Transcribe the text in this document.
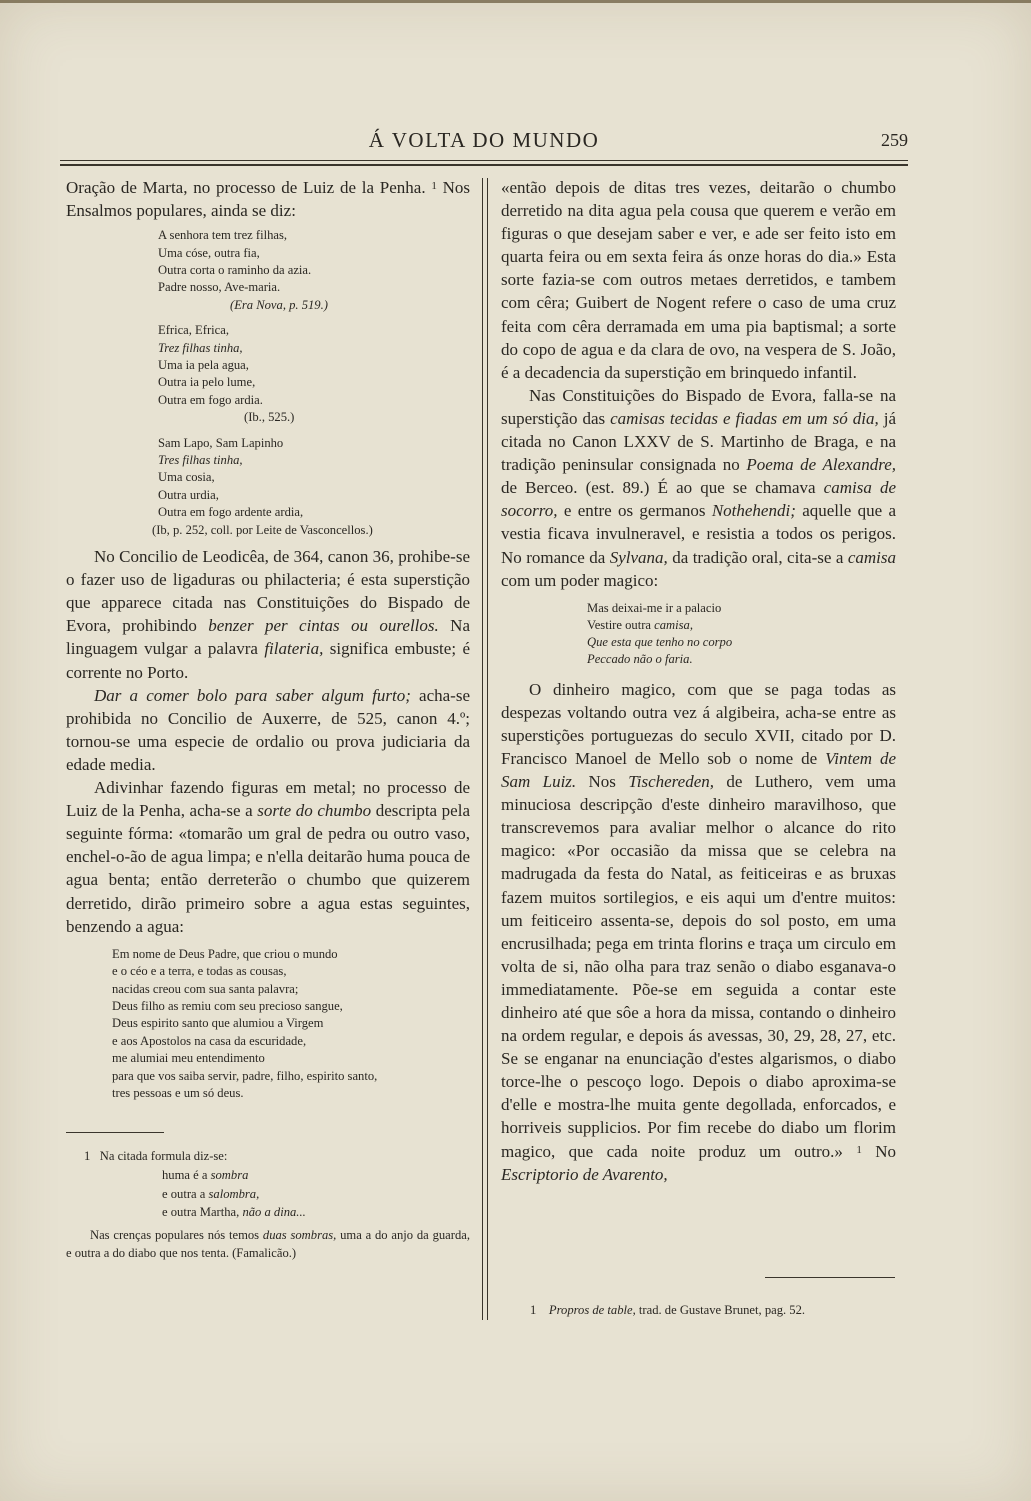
Á VOLTA DO MUNDO	259

Oração de Marta, no processo de Luiz de la Penha. $^1$ Nos Ensalmos populares, ainda se diz:

A senhora tem trez filhas,
Uma cóse, outra fia,
Outra corta o raminho da azia.
Padre nosso, Ave-maria.
(Era Nova, p. 519.)
Efrica, Efrica,
Trez filhas tinha,
Uma ia pela agua,
Outra ia pelo lume,
Outra em fogo ardia.
(Ib., 525.)
Sam Lapo, Sam Lapinho
Tres filhas tinha,
Uma cosia,
Outra urdia,
Outra em fogo ardente ardia,
(Ib, p. 252, coll. por Leite de Vasconcellos.)

No Concilio de Leodicêa, de 364, canon 36, prohibe-se o fazer uso de ligaduras ou philacteria; é esta superstição que apparece citada nas Constituições do Bispado de Evora, prohibindo benzer per cintas ou ourellos. Na linguagem vulgar a palavra filateria, significa embuste; é corrente no Porto.

Dar a comer bolo para saber algum furto; acha-se prohibida no Concilio de Auxerre, de 525, canon 4.º; tornou-se uma especie de ordalio ou prova judiciaria da edade media.

Adivinhar fazendo figuras em metal; no processo de Luiz de la Penha, acha-se a sorte do chumbo descripta pela seguinte fórma: «tomarão um gral de pedra ou outro vaso, enchel-o-ão de agua limpa; e n'ella deitarão huma pouca de agua benta; então derreterão o chumbo que quizerem derretido, dirão primeiro sobre a agua estas seguintes, benzendo a agua:

Em nome de Deus Padre, que criou o mundo
e o céo e a terra, e todas as cousas,
nacidas creou com sua santa palavra;
Deus filho as remiu com seu precioso sangue,
Deus espirito santo que alumiou a Virgem
e aos Apostolos na casa da escuridade,
me alumiai meu entendimento
para que vos saiba servir, padre, filho, espirito santo,
tres pessoas e um só deus.
1 Na citada formula diz-se:
huma é a sombra
e outra a salombra,
e outra Martha, não a dina...

Nas crenças populares nós temos duas sombras, uma a do anjo da guarda, e outra a do diabo que nos tenta. (Famalicão.)

«então depois de ditas tres vezes, deitarão o chumbo derretido na dita agua pela cousa que querem e verão em figuras o que desejam saber e ver, e ade ser feito isto em quarta feira ou em sexta feira ás onze horas do dia.» Esta sorte fazia-se com outros metaes derretidos, e tambem com cêra; Guibert de Nogent refere o caso de uma cruz feita com cêra derramada em uma pia baptismal; a sorte do copo de agua e da clara de ovo, na vespera de S. João, é a decadencia da superstição em brinquedo infantil.

Nas Constituições do Bispado de Evora, falla-se na superstição das camisas tecidas e fiadas em um só dia, já citada no Canon LXXV de S. Martinho de Braga, e na tradição peninsular consignada no Poema de Alexandre, de Berceo. (est. 89.) É ao que se chamava camisa de socorro, e entre os germanos Nothehendi; aquelle que a vestia ficava invulneravel, e resistia a todos os perigos. No romance da Sylvana, da tradição oral, cita-se a camisa com um poder magico:

Mas deixai-me ir a palacio
Vestire outra camisa,
Que esta que tenho no corpo
Peccado não o faria.

O dinheiro magico, com que se paga todas as despezas voltando outra vez á algibeira, acha-se entre as superstições portuguezas do seculo XVII, citado por D. Francisco Manoel de Mello sob o nome de Vintem de Sam Luiz. Nos Tischereden, de Luthero, vem uma minuciosa descripção d'este dinheiro maravilhoso, que transcrevemos para avaliar melhor o alcance do rito magico: «Por occasião da missa que se celebra na madrugada da festa do Natal, as feiticeiras e as bruxas fazem muitos sortilegios, e eis aqui um d'entre muitos: um feiticeiro assenta-se, depois do sol posto, em uma encrusilhada; pega em trinta florins e traça um circulo em volta de si, não olha para traz senão o diabo esganava-o immediatamente. Põe-se em seguida a contar este dinheiro até que sôe a hora da missa, contando o dinheiro na ordem regular, e depois ás avessas, 30, 29, 28, 27, etc. Se se enganar na enunciação d'estes algarismos, o diabo torce-lhe o pescoço logo. Depois o diabo aproxima-se d'elle e mostra-lhe muita gente degollada, enforcados, e horriveis supplicios. Por fim recebe do diabo um florim magico, que cada noite produz um outro.» $^1$ No Escriptorio de Avarento,

1 Propros de table, trad. de Gustave Brunet, pag. 52.
